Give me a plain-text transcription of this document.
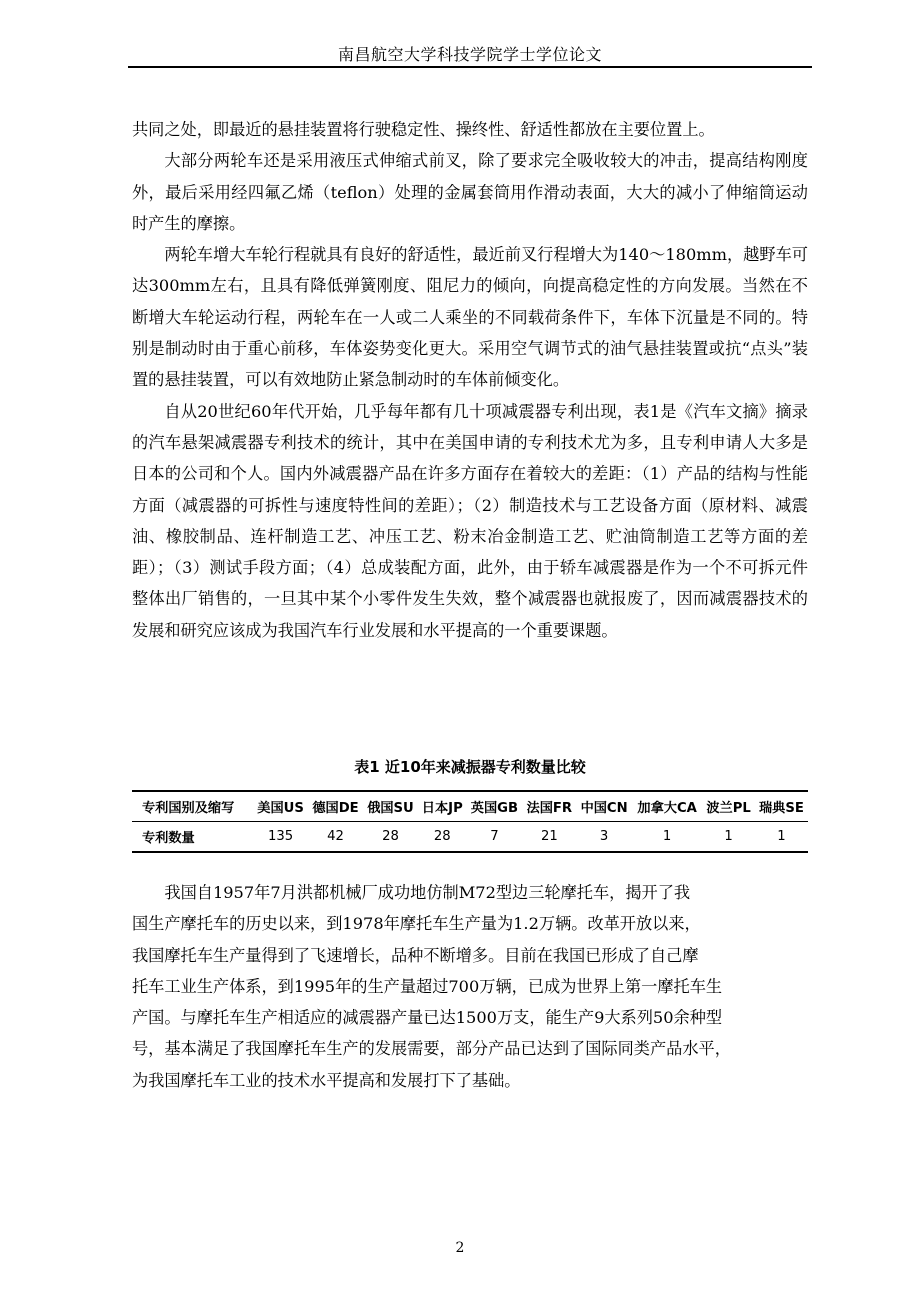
南昌航空大学科技学院学士学位论文

共同之处，即最近的悬挂装置将行驶稳定性、操终性、舒适性都放在主要位置上。

大部分两轮车还是采用液压式伸缩式前叉，除了要求完全吸收较大的冲击，提高结构刚度外，最后采用经四氟乙烯（teflon）处理的金属套筒用作滑动表面，大大的减小了伸缩筒运动时产生的摩擦。

两轮车增大车轮行程就具有良好的舒适性，最近前叉行程增大为140～180mm，越野车可达300mm左右，且具有降低弹簧刚度、阻尼力的倾向，向提高稳定性的方向发展。当然在不断增大车轮运动行程，两轮车在一人或二人乘坐的不同载荷条件下，车体下沉量是不同的。特别是制动时由于重心前移，车体姿势变化更大。采用空气调节式的油气悬挂装置或抗“点头”装置的悬挂装置，可以有效地防止紧急制动时的车体前倾变化。

自从20世纪60年代开始，几乎每年都有几十项减震器专利出现，表1是《汽车文摘》摘录的汽车悬架减震器专利技术的统计，其中在美国申请的专利技术尤为多，且专利申请人大多是日本的公司和个人。国内外减震器产品在许多方面存在着较大的差距：（1）产品的结构与性能方面（减震器的可拆性与速度特性间的差距）；（2）制造技术与工艺设备方面（原材料、减震油、橡胶制品、连杆制造工艺、冲压工艺、粉末冶金制造工艺、贮油筒制造工艺等方面的差距）；（3）测试手段方面；（4）总成装配方面，此外，由于轿车减震器是作为一个不可拆元件整体出厂销售的，一旦其中某个小零件发生失效，整个减震器也就报废了，因而减震器技术的发展和研究应该成为我国汽车行业发展和水平提高的一个重要课题。

表1 近10年来减振器专利数量比较
专利国别及缩写	美国US	德国DE	俄国SU	日本JP	英国GB	法国FR	中国CN	加拿大CA	波兰PL	瑞典SE
专利数量	135	42	28	28	7	21	3	1	1	1

我国自1957年7月洪都机械厂成功地仿制M72型边三轮摩托车，揭开了我

国生产摩托车的历史以来，到1978年摩托车生产量为1.2万辆。改革开放以来，

我国摩托车生产量得到了飞速增长，品种不断增多。目前在我国已形成了自己摩

托车工业生产体系，到1995年的生产量超过700万辆，已成为世界上第一摩托车生

产国。与摩托车生产相适应的减震器产量已达1500万支，能生产9大系列50余种型

号，基本满足了我国摩托车生产的发展需要，部分产品已达到了国际同类产品水平，

为我国摩托车工业的技术水平提高和发展打下了基础。

2
